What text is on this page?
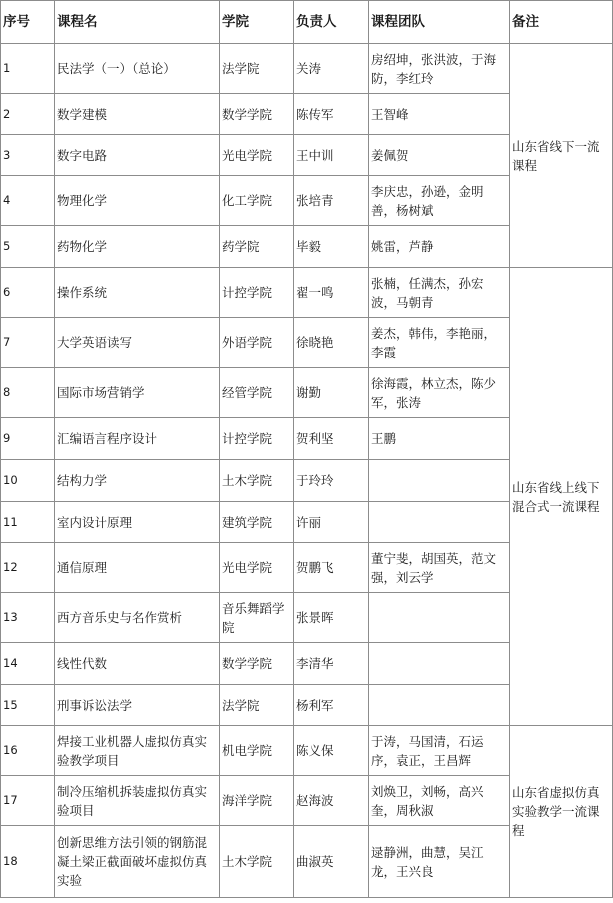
序号	课程名	学院	负责人	课程团队	备注
1	民法学（一）（总论）	法学院	关涛	房绍坤，张洪波，于海防，李红玲	山东省线下一流课程
2	数学建模	数学学院	陈传军	王智峰	
3	数字电路	光电学院	王中训	姜佩贺	
4	物理化学	化工学院	张培青	李庆忠，孙逊，金明善，杨树斌	
5	药物化学	药学院	毕毅	姚雷，芦静	
6	操作系统	计控学院	翟一鸣	张楠，任满杰，孙宏波，马朝青	山东省线上线下混合式一流课程
7	大学英语读写	外语学院	徐晓艳	姜杰，韩伟，李艳丽，李霞	
8	国际市场营销学	经管学院	谢勤	徐海霞，林立杰，陈少军，张涛	
9	汇编语言程序设计	计控学院	贺利坚	王鹏	
10	结构力学	土木学院	于玲玲		
11	室内设计原理	建筑学院	许丽		
12	通信原理	光电学院	贺鹏飞	董宁斐，胡国英，范文强，刘云学	
13	西方音乐史与名作赏析	音乐舞蹈学院	张景晖		
14	线性代数	数学学院	李清华		
15	刑事诉讼法学	法学院	杨利军		
16	焊接工业机器人虚拟仿真实验教学项目	机电学院	陈义保	于涛，马国清，石运序，袁正，王昌辉	山东省虚拟仿真实验教学一流课程
17	制冷压缩机拆装虚拟仿真实验项目	海洋学院	赵海波	刘焕卫，刘畅，高兴奎，周秋淑	
18	创新思维方法引领的钢筋混凝土梁正截面破坏虚拟仿真实验	土木学院	曲淑英	逯静洲，曲慧，吴江龙，王兴良	
